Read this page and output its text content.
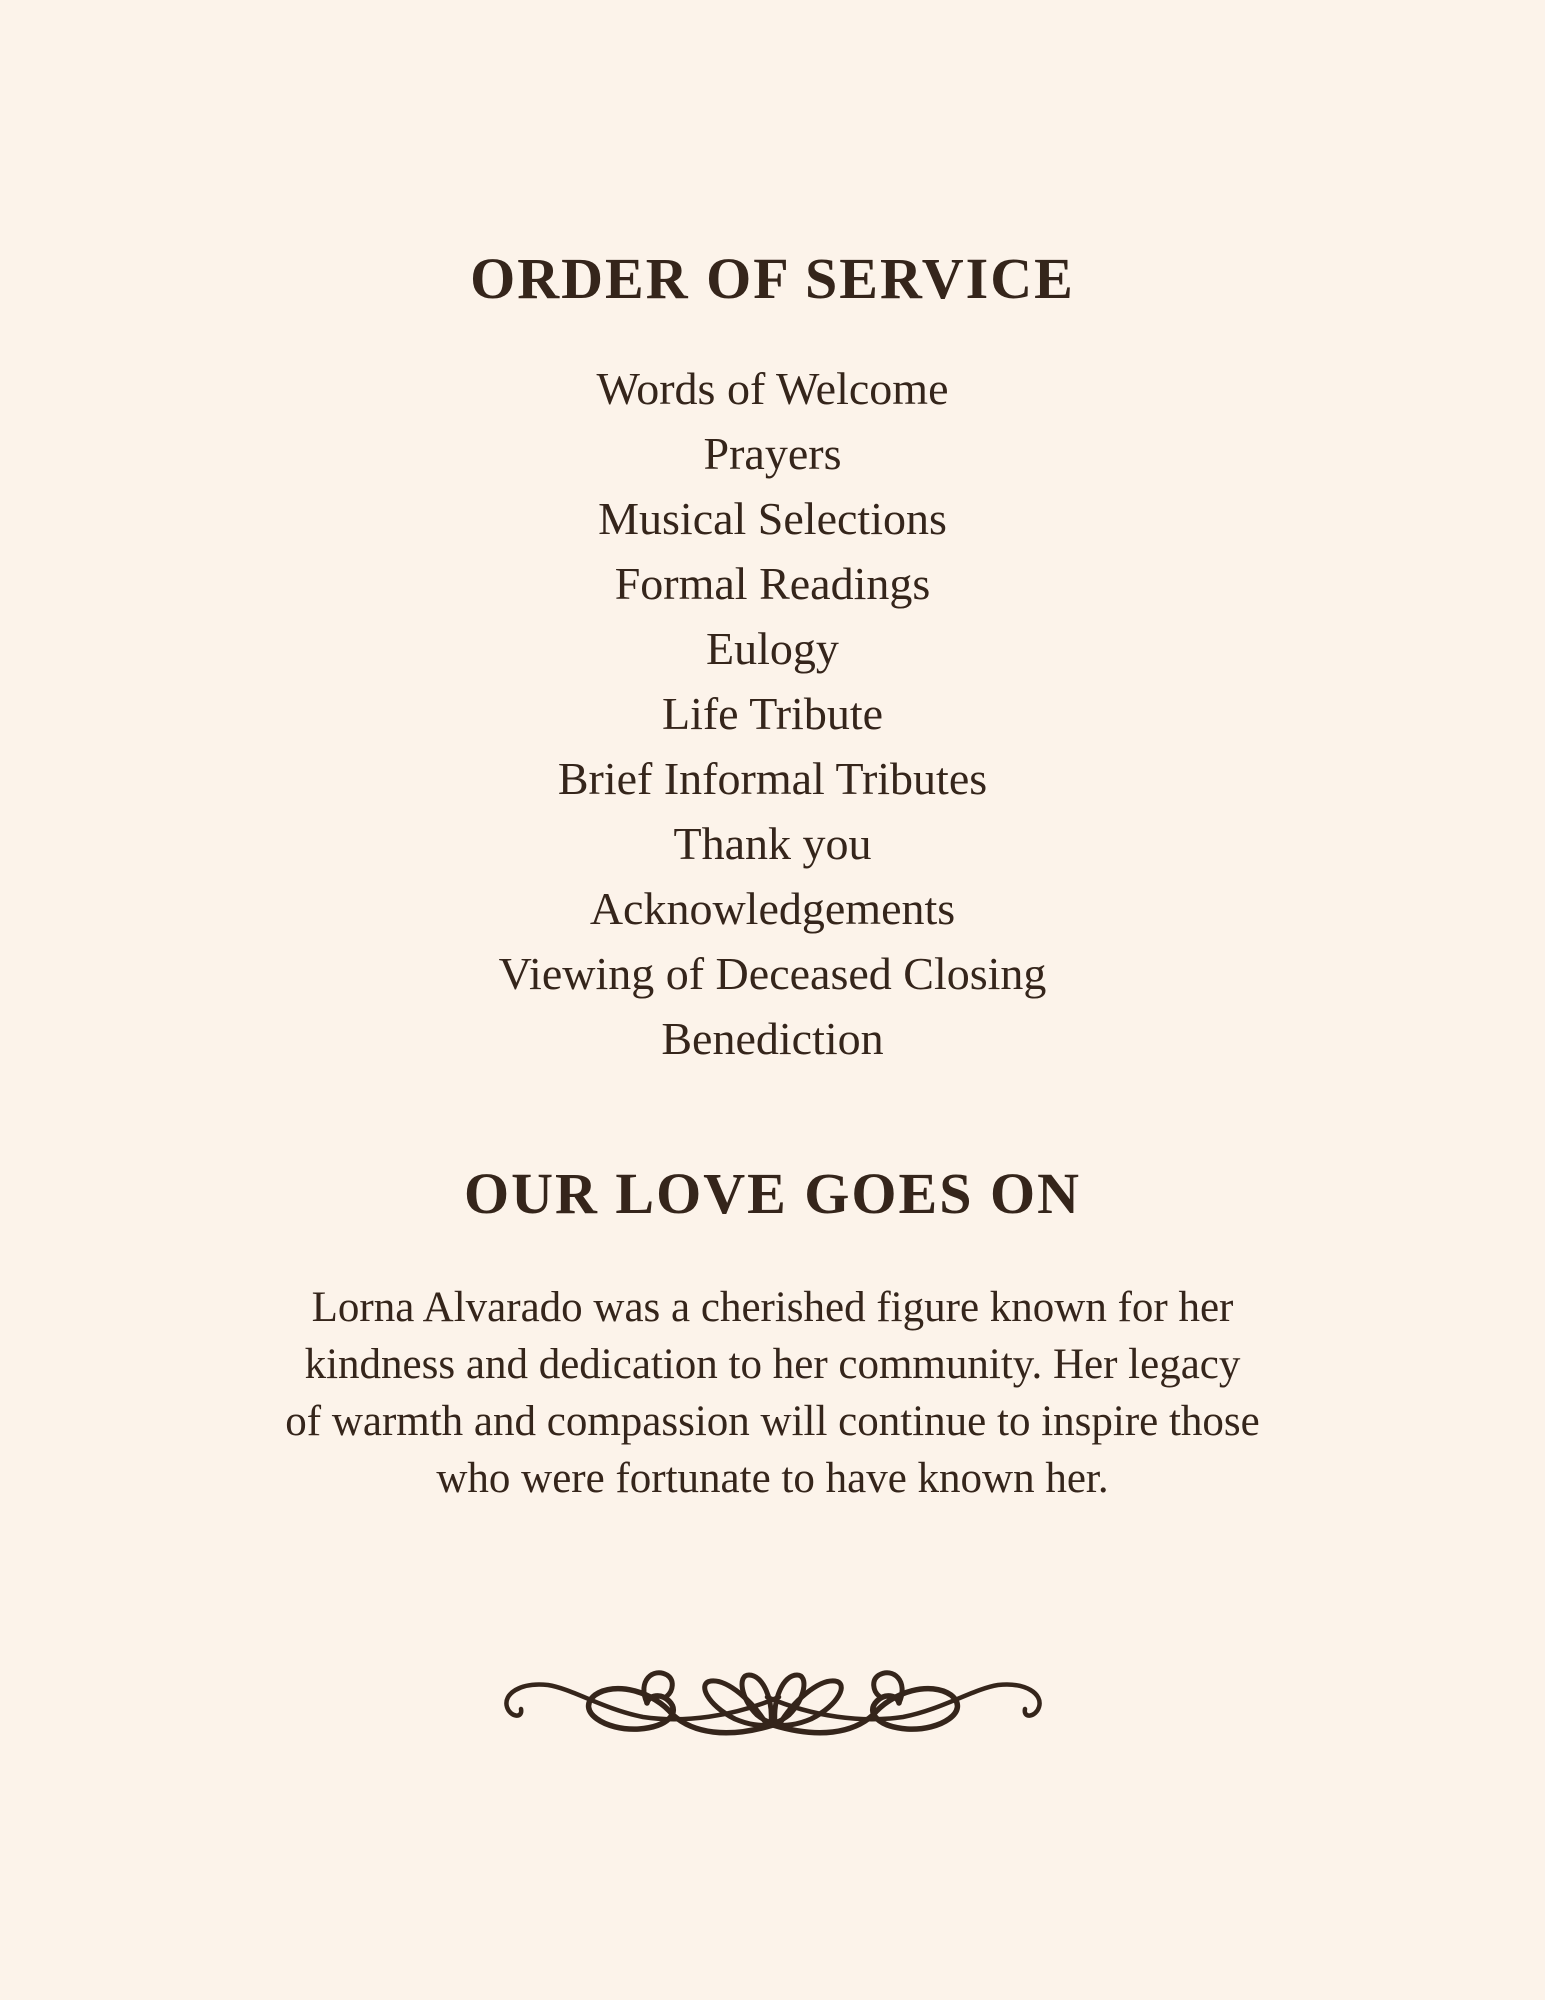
ORDER OF SERVICE
Words of Welcome
Prayers
Musical Selections
Formal Readings
Eulogy
Life Tribute
Brief Informal Tributes
Thank you
Acknowledgements
Viewing of Deceased Closing
Benediction
OUR LOVE GOES ON

Lorna Alvarado was a cherished figure known for her
kindness and dedication to her community. Her legacy
of warmth and compassion will continue to inspire those
who were fortunate to have known her.
